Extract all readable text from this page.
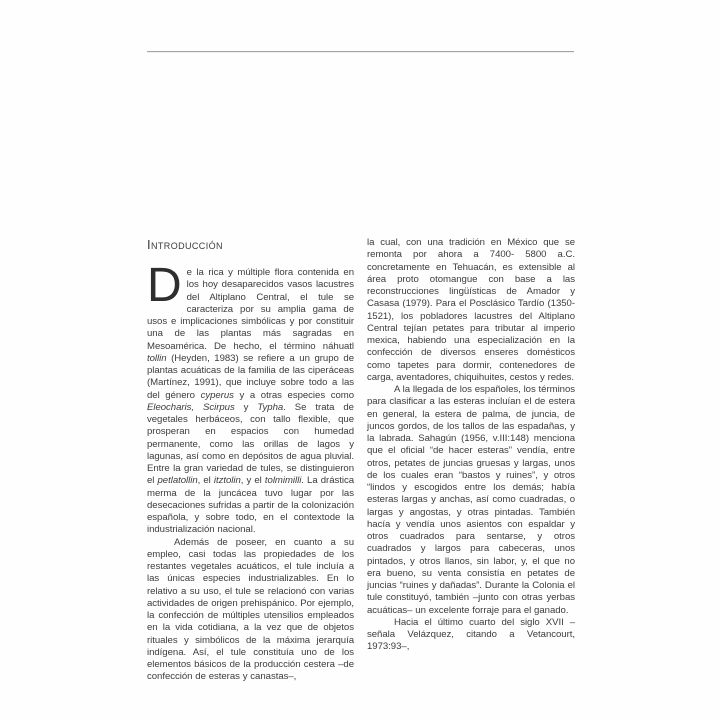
Introducción

De la rica y múltiple flora contenida en los hoy desaparecidos vasos lacustres del Altiplano Central, el tule se caracteriza por su amplia gama de usos e implicaciones simbólicas y por constituir una de las plantas más sagradas en Mesoamérica. De hecho, el término náhuatl tollin (Heyden, 1983) se refiere a un grupo de plantas acuáticas de la familia de las ciperáceas (Martínez, 1991), que incluye sobre todo a las del género cyperus y a otras especies como Eleocharis, Scirpus y Typha. Se trata de vegetales herbáceos, con tallo flexible, que prosperan en espacios con humedad permanente, como las orillas de lagos y lagunas, así como en depósitos de agua pluvial. Entre la gran variedad de tules, se distinguieron el petlatollin, el itztolin, y el tolmimilli. La drástica merma de la juncácea tuvo lugar por las desecaciones sufridas a partir de la colonización española, y sobre todo, en el contextode la industrialización nacional.

Además de poseer, en cuanto a su empleo, casi todas las propiedades de los restantes vegetales acuáticos, el tule incluía a las únicas especies industrializables. En lo relativo a su uso, el tule se relacionó con varias actividades de origen prehispánico. Por ejemplo, la confección de múltiples utensilios empleados en la vida cotidiana, a la vez que de objetos rituales y simbólicos de la máxima jerarquía indígena. Así, el tule constituía uno de los elementos básicos de la producción cestera –de confección de esteras y canastas–,

la cual, con una tradición en México que se remonta por ahora a 7400- 5800 a.C. concretamente en Tehuacán, es extensible al área proto otomangue con base a las reconstrucciones lingüísticas de Amador y Casasa (1979). Para el Posclásico Tardío (1350- 1521), los pobladores lacustres del Altiplano Central tejían petates para tributar al imperio mexica, habiendo una especialización en la confección de diversos enseres domésticos como tapetes para dormir, contenedores de carga, aventadores, chiquihuites, cestos y redes.

A la llegada de los españoles, los términos para clasificar a las esteras incluían el de estera en general, la estera de palma, de juncia, de juncos gordos, de los tallos de las espadañas, y la labrada. Sahagún (1956, v.III:148) menciona que el oficial “de hacer esteras” vendía, entre otros, petates de juncias gruesas y largas, unos de los cuales eran “bastos y ruines”, y otros “lindos y escogidos entre los demás; había esteras largas y anchas, así como cuadradas, o largas y angostas, y otras pintadas. También hacía y vendía unos asientos con espaldar y otros cuadrados para sentarse, y otros cuadrados y largos para cabeceras, unos pintados, y otros llanos, sin labor, y, el que no era bueno, su venta consistía en petates de juncias “ruines y dañadas”. Durante la Colonia el tule constituyó, también –junto con otras yerbas acuáticas– un excelente forraje para el ganado.

Hacia el último cuarto del siglo XVII –señala Velázquez, citando a Vetancourt, 1973:93–,
